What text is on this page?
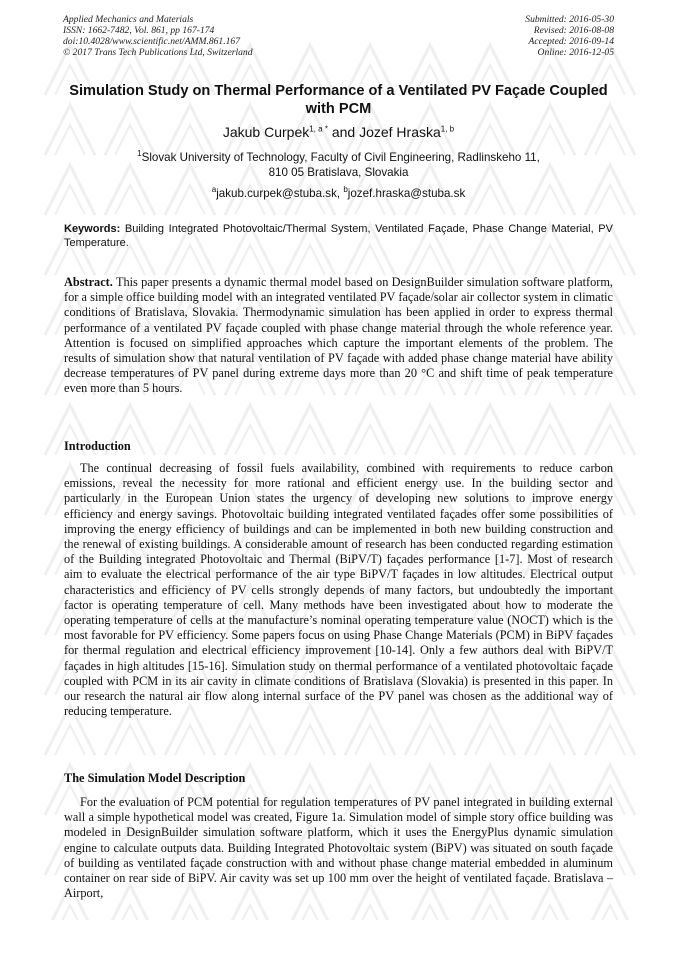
Applied Mechanics and Materials
ISSN: 1662-7482, Vol. 861, pp 167-174
doi:10.4028/www.scientific.net/AMM.861.167
© 2017 Trans Tech Publications Ltd, Switzerland
Submitted: 2016-05-30
Revised: 2016-08-08
Accepted: 2016-09-14
Online: 2016-12-05
Simulation Study on Thermal Performance of a Ventilated PV Façade Coupled with PCM
Jakub Curpek$^{1, a *}$ and Jozef Hraska$^{1, b}$
$^1$Slovak University of Technology, Faculty of Civil Engineering, Radlinskeho 11,
810 05 Bratislava, Slovakia
$^a$jakub.curpek@stuba.sk, $^b$jozef.hraska@stuba.sk
Keywords: Building Integrated Photovoltaic/Thermal System, Ventilated Façade, Phase Change Material, PV Temperature.
Abstract. This paper presents a dynamic thermal model based on DesignBuilder simulation software platform, for a simple office building model with an integrated ventilated PV façade/solar air collector system in climatic conditions of Bratislava, Slovakia. Thermodynamic simulation has been applied in order to express thermal performance of a ventilated PV façade coupled with phase change material through the whole reference year. Attention is focused on simplified approaches which capture the important elements of the problem. The results of simulation show that natural ventilation of PV façade with added phase change material have ability decrease temperatures of PV panel during extreme days more than 20 °C and shift time of peak temperature even more than 5 hours.
Introduction

The continual decreasing of fossil fuels availability, combined with requirements to reduce carbon emissions, reveal the necessity for more rational and efficient energy use. In the building sector and particularly in the European Union states the urgency of developing new solutions to improve energy efficiency and energy savings. Photovoltaic building integrated ventilated façades offer some possibilities of improving the energy efficiency of buildings and can be implemented in both new building construction and the renewal of existing buildings. A considerable amount of research has been conducted regarding estimation of the Building integrated Photovoltaic and Thermal (BiPV/T) façades performance [1-7]. Most of research aim to evaluate the electrical performance of the air type BiPV/T façades in low altitudes. Electrical output characteristics and efficiency of PV cells strongly depends of many factors, but undoubtedly the important factor is operating temperature of cell. Many methods have been investigated about how to moderate the operating temperature of cells at the manufacture’s nominal operating temperature value (NOCT) which is the most favorable for PV efficiency. Some papers focus on using Phase Change Materials (PCM) in BiPV façades for thermal regulation and electrical efficiency improvement [10-14]. Only a few authors deal with BiPV/T façades in high altitudes [15-16]. Simulation study on thermal performance of a ventilated photovoltaic façade coupled with PCM in its air cavity in climate conditions of Bratislava (Slovakia) is presented in this paper. In our research the natural air flow along internal surface of the PV panel was chosen as the additional way of reducing temperature.

The Simulation Model Description

For the evaluation of PCM potential for regulation temperatures of PV panel integrated in building external wall a simple hypothetical model was created, Figure 1a. Simulation model of simple story office building was modeled in DesignBuilder simulation software platform, which it uses the EnergyPlus dynamic simulation engine to calculate outputs data. Building Integrated Photovoltaic system (BiPV) was situated on south façade of building as ventilated façade construction with and without phase change material embedded in aluminum container on rear side of BiPV. Air cavity was set up 100 mm over the height of ventilated façade. Bratislava – Airport,
